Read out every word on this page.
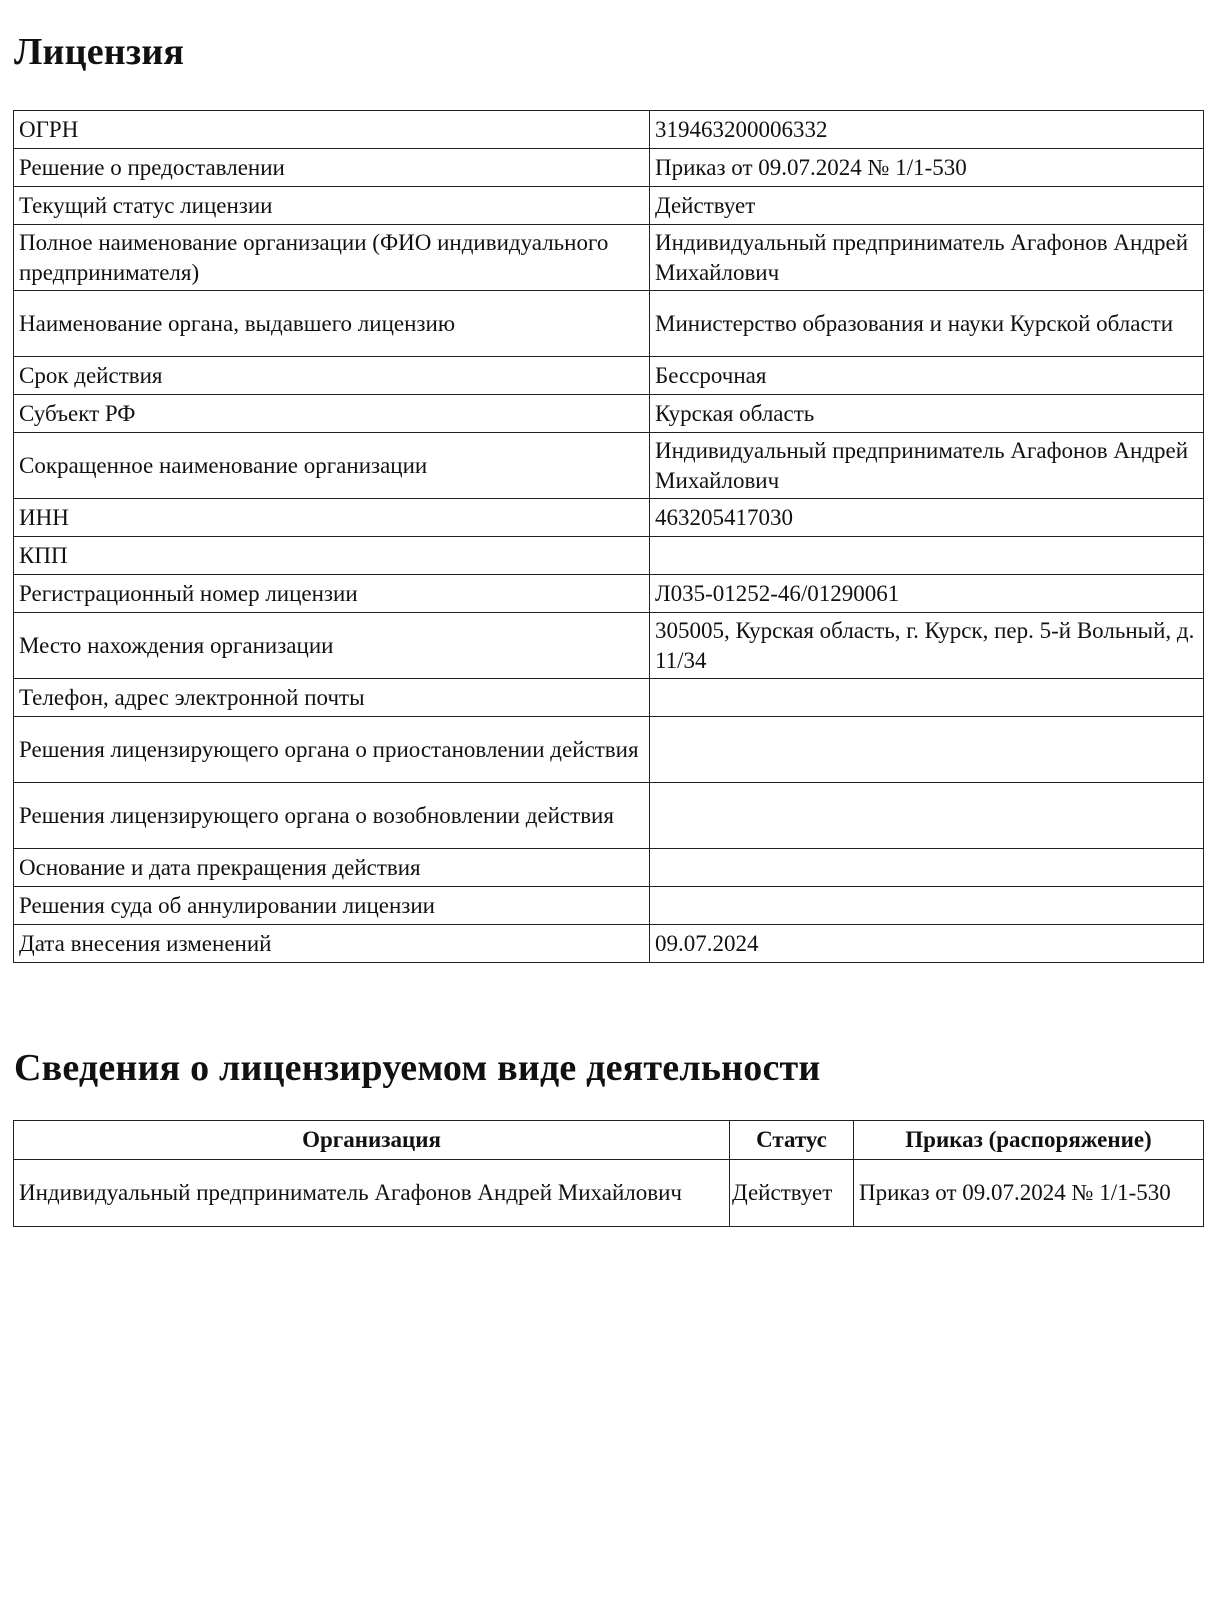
Лицензия
ОГРН	319463200006332
Решение о предоставлении	Приказ от 09.07.2024 № 1/1-530
Текущий статус лицензии	Действует
Полное наименование организации (ФИО индивидуального предпринимателя)	Индивидуальный предприниматель Агафонов Андрей Михайлович
Наименование органа, выдавшего лицензию	Министерство образования и науки Курской области
Срок действия	Бессрочная
Субъект РФ	Курская область
Сокращенное наименование организации	Индивидуальный предприниматель Агафонов Андрей Михайлович
ИНН	463205417030
КПП	
Регистрационный номер лицензии	Л035-01252-46/01290061
Место нахождения организации	305005, Курская область, г. Курск, пер. 5-й Вольный, д. 11/34
Телефон, адрес электронной почты	
Решения лицензирующего органа о приостановлении действия	
Решения лицензирующего органа о возобновлении действия	
Основание и дата прекращения действия	
Решения суда об аннулировании лицензии	
Дата внесения изменений	09.07.2024
Сведения о лицензируемом виде деятельности
Организация	Статус	Приказ (распоряжение)
Индивидуальный предприниматель Агафонов Андрей Михайлович	Действует	Приказ от 09.07.2024 № 1/1-530
